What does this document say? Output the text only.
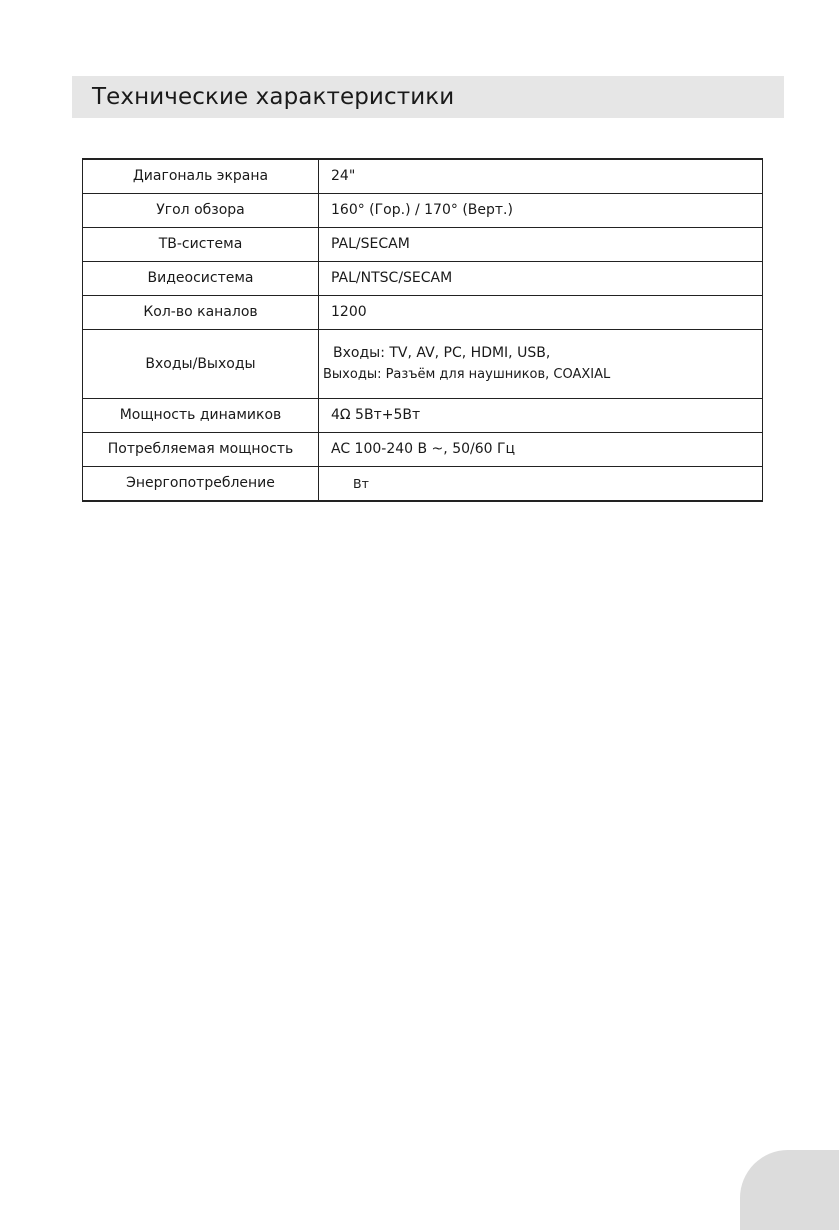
Технические характеристики
Диагональ экрана	24"
Угол обзора	160° (Гор.) / 170° (Верт.)
ТВ-система	PAL/SECAM
Видеосистема	PAL/NTSC/SECAM
Кол-во каналов	1200
Входы/Выходы	Входы: TV, AV, PC, HDMI, USB,
Выходы: Разъём для наушников, COAXIAL

Мощность динамиков	4Ω 5Вт+5Вт
Потребляемая мощность	AC 100-240 В ~, 50/60 Гц
Энергопотребление	Вт
